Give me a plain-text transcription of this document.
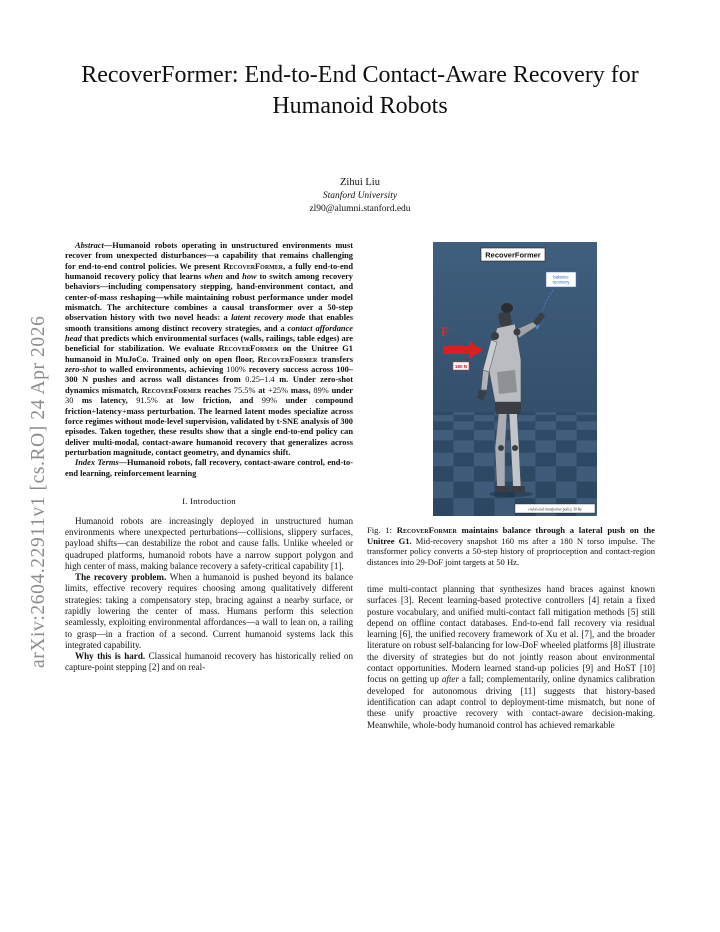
arXiv:2604.22911v1 [cs.RO] 24 Apr 2026
RecoverFormer: End-to-End Contact-Aware Recovery for Humanoid Robots
Zihui Liu
Stanford University
zl90@alumni.stanford.edu

Abstract—Humanoid robots operating in unstructured environments must recover from unexpected disturbances—a capability that remains challenging for end-to-end control policies. We present RecoverFormer, a fully end-to-end humanoid recovery policy that learns when and how to switch among recovery behaviors—including compensatory stepping, hand-environment contact, and center-of-mass reshaping—while maintaining robust performance under model mismatch. The architecture combines a causal transformer over a 50-step observation history with two novel heads: a latent recovery mode that enables smooth transitions among distinct recovery strategies, and a contact affordance head that predicts which environmental surfaces (walls, railings, table edges) are beneficial for stabilization. We evaluate RecoverFormer on the Unitree G1 humanoid in MuJoCo. Trained only on open floor, RecoverFormer transfers zero-shot to walled environments, achieving 100% recovery success across 100–300 N pushes and across wall distances from 0.25–1.4 m. Under zero-shot dynamics mismatch, RecoverFormer reaches 75.5% at +25% mass, 89% under 30 ms latency, 91.5% at low friction, and 99% under compound friction+latency+mass perturbation. The learned latent modes specialize across force regimes without mode-level supervision, validated by t-SNE analysis of 300 episodes. Taken together, these results show that a single end-to-end policy can deliver multi-modal, contact-aware humanoid recovery that generalizes across perturbation magnitude, contact geometry, and dynamics shift.

Index Terms—Humanoid robots, fall recovery, contact-aware control, end-to-end learning, reinforcement learning

I. Introduction

Humanoid robots are increasingly deployed in unstructured human environments where unexpected perturbations—collisions, slippery surfaces, payload shifts—can destabilize the robot and cause falls. Unlike wheeled or quadruped platforms, humanoid robots have a narrow support polygon and high center of mass, making balance recovery a safety-critical capability [1].

The recovery problem. When a humanoid is pushed beyond its balance limits, effective recovery requires choosing among qualitatively different strategies: taking a compensatory step, bracing against a nearby surface, or rapidly lowering the center of mass. Humans perform this selection seamlessly, exploiting environmental affordances—a wall to lean on, a railing to grasp—in a fraction of a second. Current humanoid systems lack this integrated capability.

Why this is hard. Classical humanoid recovery has historically relied on capture-point stepping [2] and on real-

RecoverFormer
balance recovery
F
180 N
end-to-end transformer policy, 50 Hz

Fig. 1: RecoverFormer maintains balance through a lateral push on the Unitree G1. Mid-recovery snapshot 160 ms after a 180 N torso impulse. The transformer policy converts a 50-step history of proprioception and contact-region distances into 29-DoF joint targets at 50 Hz.

time multi-contact planning that synthesizes hand braces against known surfaces [3]. Recent learning-based protective controllers [4] retain a fixed posture vocabulary, and unified multi-contact fall mitigation methods [5] still depend on offline contact databases. End-to-end fall recovery via residual learning [6], the unified recovery framework of Xu et al. [7], and the broader literature on robust self-balancing for low-DoF wheeled platforms [8] illustrate the diversity of strategies but do not jointly reason about environmental contact opportunities. Modern learned stand-up policies [9] and HoST [10] focus on getting up after a fall; complementarily, online dynamics calibration developed for autonomous driving [11] suggests that history-based identification can adapt control to deployment-time mismatch, but none of these unify proactive recovery with contact-aware decision-making. Meanwhile, whole-body humanoid control has achieved remarkable
